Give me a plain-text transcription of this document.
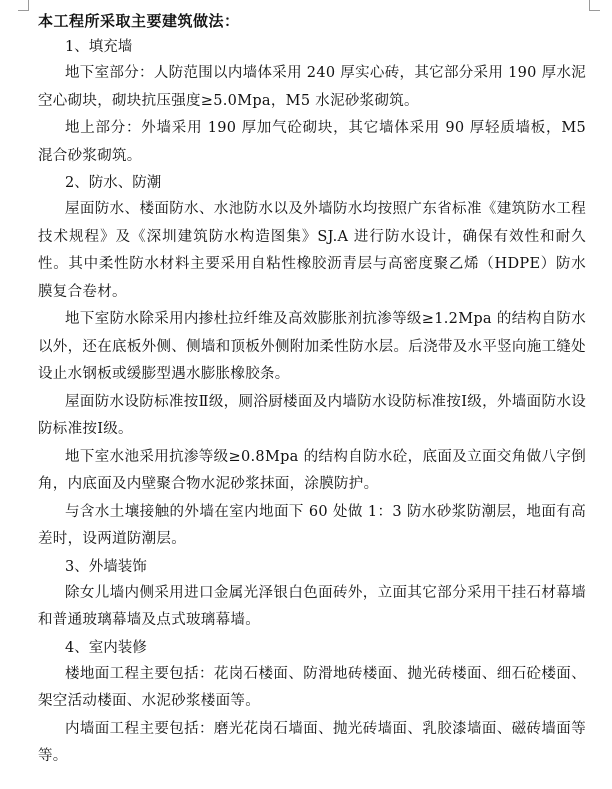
本工程所采取主要建筑做法：
1、填充墙

地下室部分：人防范围以内墙体采用 240 厚实心砖，其它部分采用 190 厚水泥空心砌块，砌块抗压强度≥5.0Mpa，M5 水泥砂浆砌筑。

地上部分：外墙采用 190 厚加气砼砌块，其它墙体采用 90 厚轻质墙板，M5 混合砂浆砌筑。

2、防水、防潮

屋面防水、楼面防水、水池防水以及外墙防水均按照广东省标准《建筑防水工程技术规程》及《深圳建筑防水构造图集》SJ.A 进行防水设计，确保有效性和耐久性。其中柔性防水材料主要采用自粘性橡胶沥青层与高密度聚乙烯（HDPE）防水膜复合卷材。

地下室防水除采用内掺杜拉纤维及高效膨胀剂抗渗等级≥1.2Mpa 的结构自防水以外，还在底板外侧、侧墙和顶板外侧附加柔性防水层。后浇带及水平竖向施工缝处设止水钢板或缓膨型遇水膨胀橡胶条。

屋面防水设防标准按Ⅱ级，厕浴厨楼面及内墙防水设防标准按Ⅰ级，外墙面防水设防标准按Ⅰ级。

地下室水池采用抗渗等级≥0.8Mpa 的结构自防水砼，底面及立面交角做八字倒角，内底面及内壁聚合物水泥砂浆抹面，涂膜防护。

与含水土壤接触的外墙在室内地面下 60 处做 1：3 防水砂浆防潮层，地面有高差时，设两道防潮层。

3、外墙装饰

除女儿墙内侧采用进口金属光泽银白色面砖外，立面其它部分采用干挂石材幕墙和普通玻璃幕墙及点式玻璃幕墙。

4、室内装修

楼地面工程主要包括：花岗石楼面、防滑地砖楼面、抛光砖楼面、细石砼楼面、架空活动楼面、水泥砂浆楼面等。

内墙面工程主要包括：磨光花岗石墙面、抛光砖墙面、乳胶漆墙面、磁砖墙面等等。
